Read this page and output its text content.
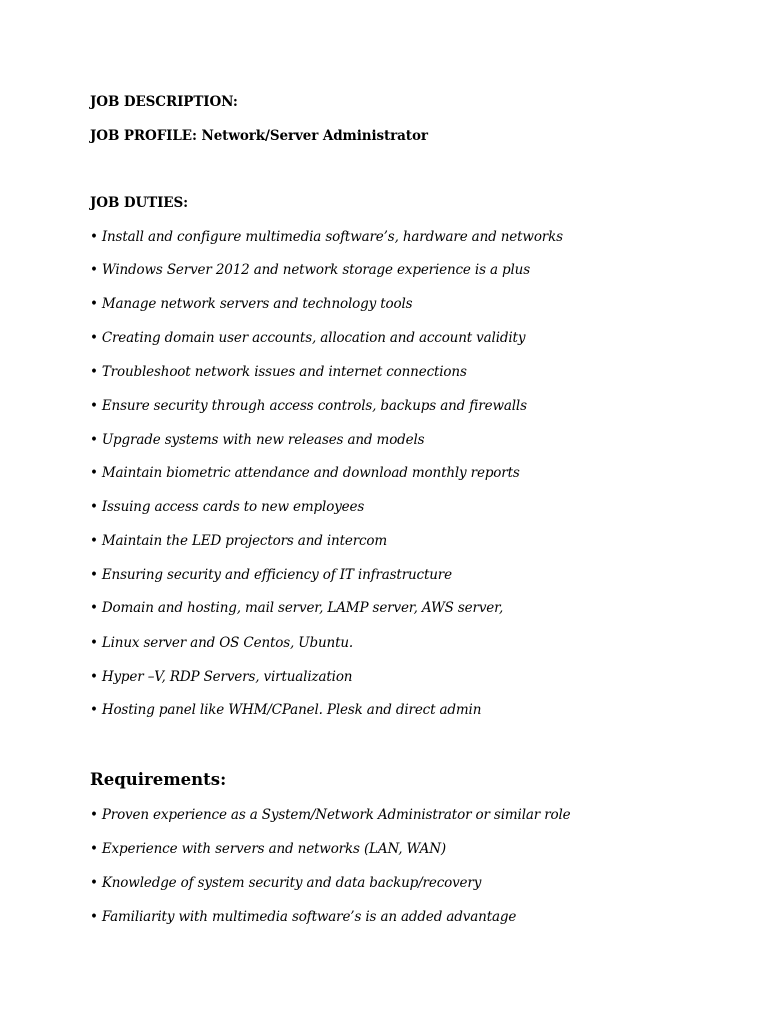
JOB DESCRIPTION:
JOB PROFILE: Network/Server Administrator
JOB DUTIES:
• Install and configure multimedia software’s, hardware and networks
• Windows Server 2012 and network storage experience is a plus
• Manage network servers and technology tools
• Creating domain user accounts, allocation and account validity
• Troubleshoot network issues and internet connections
• Ensure security through access controls, backups and firewalls
• Upgrade systems with new releases and models
• Maintain biometric attendance and download monthly reports
• Issuing access cards to new employees
• Maintain the LED projectors and intercom
• Ensuring security and efficiency of IT infrastructure
• Domain and hosting, mail server, LAMP server, AWS server,
• Linux server and OS Centos, Ubuntu.
• Hyper –V, RDP Servers, virtualization
• Hosting panel like WHM/CPanel. Plesk and direct admin
Requirements:
• Proven experience as a System/Network Administrator or similar role
• Experience with servers and networks (LAN, WAN)
• Knowledge of system security and data backup/recovery
• Familiarity with multimedia software’s is an added advantage
